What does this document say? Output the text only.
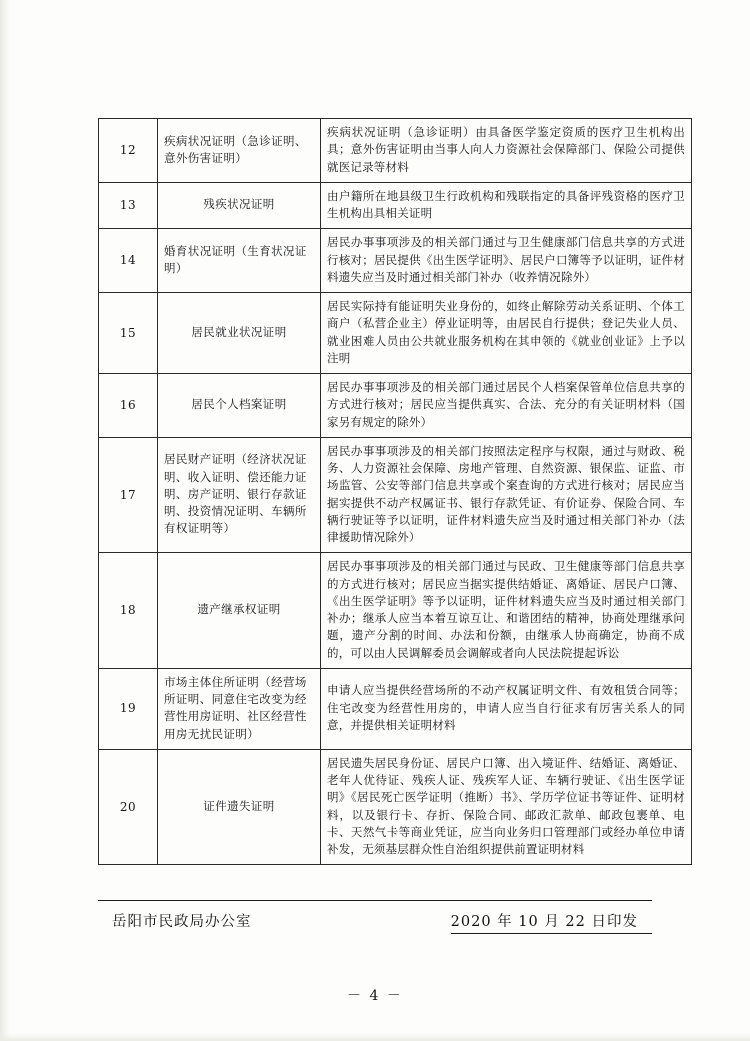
12	疾病状况证明（急诊证明、意外伤害证明）	疾病状况证明（急诊证明）由具备医学鉴定资质的医疗卫生机构出具；意外伤害证明由当事人向人力资源社会保障部门、保险公司提供就医记录等材料
13	残疾状况证明	由户籍所在地县级卫生行政机构和残联指定的具备评残资格的医疗卫生机构出具相关证明
14	婚育状况证明（生育状况证明）	居民办事事项涉及的相关部门通过与卫生健康部门信息共享的方式进行核对；居民提供《出生医学证明》、居民户口簿等予以证明，证件材料遗失应当及时通过相关部门补办（收养情况除外）
15	居民就业状况证明	居民实际持有能证明失业身份的，如终止解除劳动关系证明、个体工商户（私营企业主）停业证明等，由居民自行提供；登记失业人员、就业困难人员由公共就业服务机构在其申领的《就业创业证》上予以注明
16	居民个人档案证明	居民办事事项涉及的相关部门通过居民个人档案保管单位信息共享的方式进行核对；居民应当提供真实、合法、充分的有关证明材料（国家另有规定的除外）
17	居民财产证明（经济状况证明、收入证明、偿还能力证明、房产证明、银行存款证明、投资情况证明、车辆所有权证明等）	居民办事事项涉及的相关部门按照法定程序与权限，通过与财政、税务、人力资源社会保障、房地产管理、自然资源、银保监、证监、市场监管、公安等部门信息共享或个案查询的方式进行核对；居民应当据实提供不动产权属证书、银行存款凭证、有价证券、保险合同、车辆行驶证等予以证明，证件材料遗失应当及时通过相关部门补办（法律援助情况除外）
18	遗产继承权证明	居民办事事项涉及的相关部门通过与民政、卫生健康等部门信息共享的方式进行核对；居民应当据实提供结婚证、离婚证、居民户口簿、《出生医学证明》等予以证明，证件材料遗失应当及时通过相关部门补办；继承人应当本着互谅互让、和谐团结的精神，协商处理继承问题，遗产分割的时间、办法和份额，由继承人协商确定，协商不成的，可以由人民调解委员会调解或者向人民法院提起诉讼
19	市场主体住所证明（经营场所证明、同意住宅改变为经营性用房证明、社区经营性用房无扰民证明）	申请人应当提供经营场所的不动产权属证明文件、有效租赁合同等；住宅改变为经营性用房的，申请人应当自行征求有厉害关系人的同意，并提供相关证明材料
20	证件遗失证明	居民遗失居民身份证、居民户口簿、出入境证件、结婚证、离婚证、老年人优待证、残疾人证、残疾军人证、车辆行驶证、《出生医学证明》《居民死亡医学证明（推断）书》、学历学位证书等证件、证明材料，以及银行卡、存折、保险合同、邮政汇款单、邮政包裹单、电卡、天然气卡等商业凭证，应当向业务归口管理部门或经办单位申请补发，无须基层群众性自治组织提供前置证明材料
岳阳市民政局办公室	2020 年 10 月 22 日印发
－ 4 －
